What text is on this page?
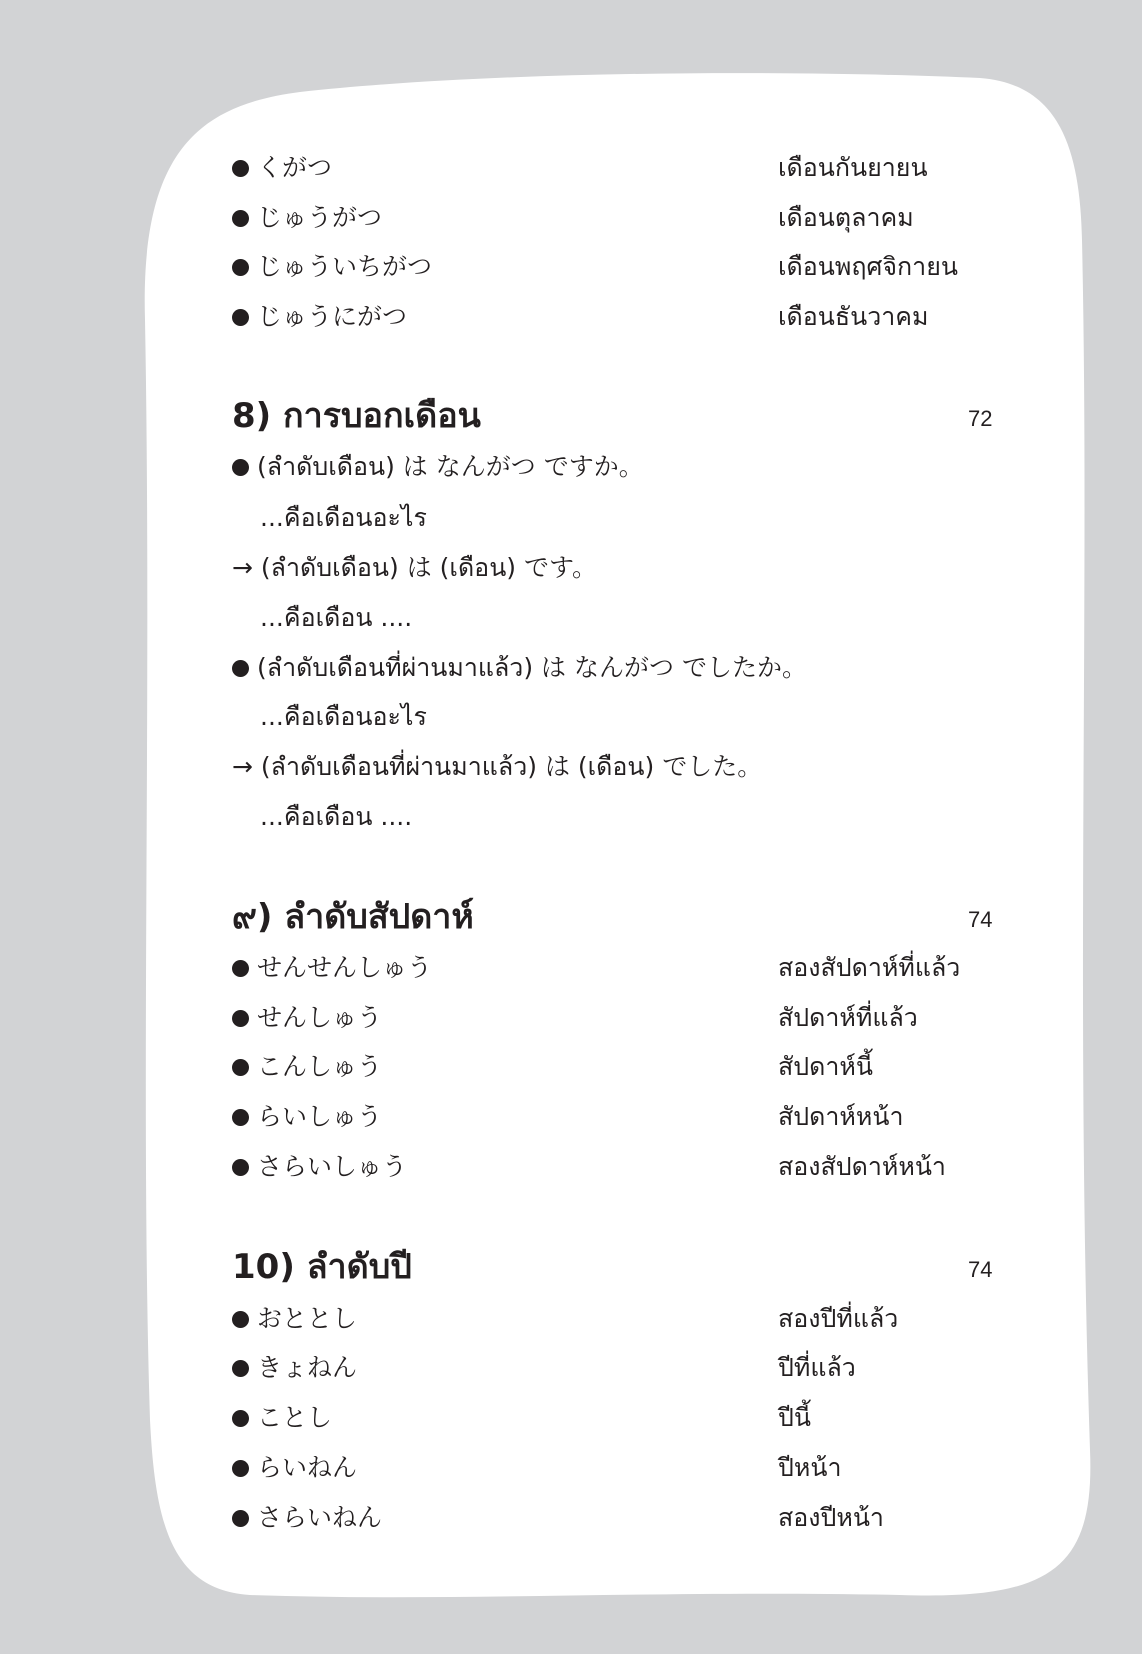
くがつ	เดือนกันยายน
じゅうがつ	เดือนตุลาคม
じゅういちがつ	เดือนพฤศจิกายน
じゅうにがつ	เดือนธันวาคม
8) การบอกเดือน	72
(ลำดับเดือน) は なんがつ ですか。
...คือเดือนอะไร
→ (ลำดับเดือน) は (เดือน) です。
...คือเดือน ....
(ลำดับเดือนที่ผ่านมาแล้ว) は なんがつ でしたか。
...คือเดือนอะไร
→ (ลำดับเดือนที่ผ่านมาแล้ว) は (เดือน) でした。
...คือเดือน ....
๙) ลำดับสัปดาห์	74
せんせんしゅう	สองสัปดาห์ที่แล้ว
せんしゅう	สัปดาห์ที่แล้ว
こんしゅう	สัปดาห์นี้
らいしゅう	สัปดาห์หน้า
さらいしゅう	สองสัปดาห์หน้า
10) ลำดับปี	74
おととし	สองปีที่แล้ว
きょねん	ปีที่แล้ว
ことし	ปีนี้
らいねん	ปีหน้า
さらいねん	สองปีหน้า
